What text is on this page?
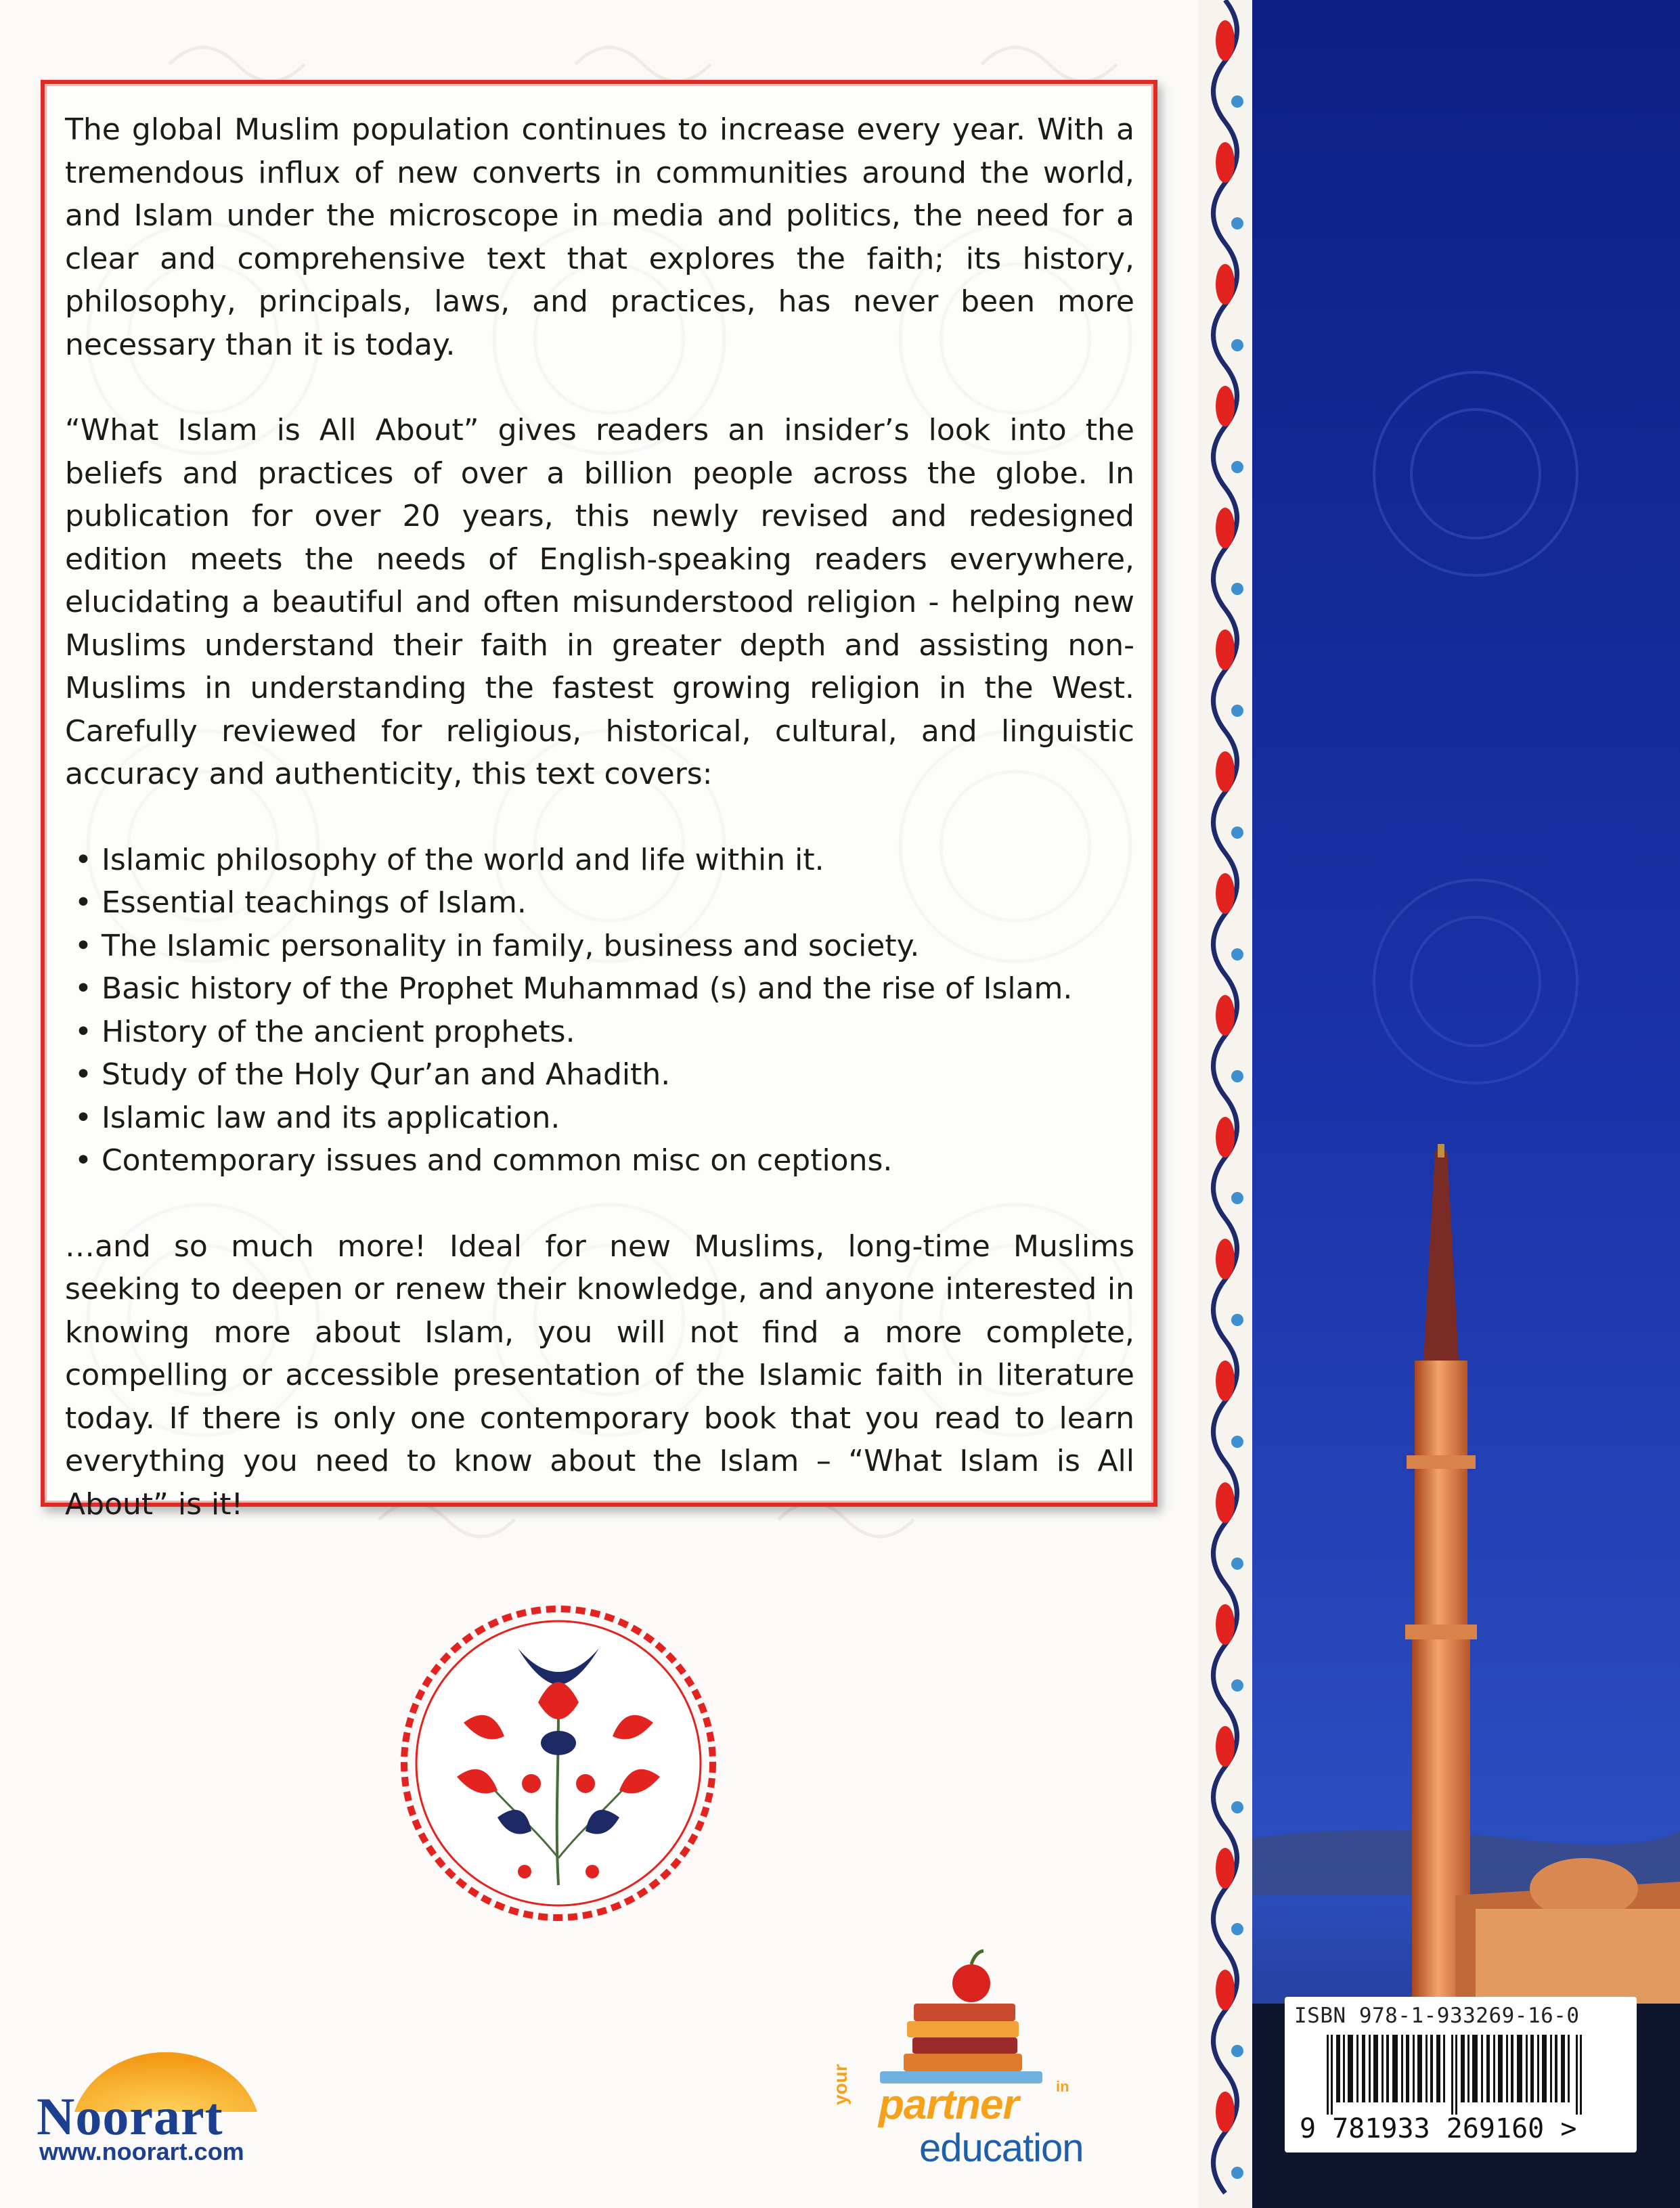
The global Muslim population continues to increase every year. With a tremendous influx of new converts in communities around the world, and Islam under the microscope in media and politics, the need for a clear and comprehensive text that explores the faith; its history, philosophy, principals, laws, and practices, has never been more necessary than it is today.

“What Islam is All About” gives readers an insider’s look into the beliefs and practices of over a billion people across the globe. In publication for over 20 years, this newly revised and redesigned edition meets the needs of English-speaking readers everywhere, elucidating a beautiful and often misunderstood religion - helping new Muslims understand their faith in greater depth and assisting non-Muslims in understanding the fastest growing religion in the West. Carefully reviewed for religious, historical, cultural, and linguistic accuracy and authenticity, this text covers:

• Islamic philosophy of the world and life within it.
• Essential teachings of Islam.
• The Islamic personality in family, business and society.
• Basic history of the Prophet Muhammad (s) and the rise of Islam.
• History of the ancient prophets.
• Study of the Holy Qur’an and Ahadith.
• Islamic law and its application.
• Contemporary issues and common misc on ceptions.

…and so much more! Ideal for new Muslims, long-time Muslims seeking to deepen or renew their knowledge, and anyone interested in knowing more about Islam, you will not find a more complete, compelling or accessible presentation of the Islamic faith in literature today. If there is only one contemporary book that you read to learn everything you need to know about the Islam – “What Islam is All About” is it!

Noorart
www.noorart.com
your partner	in
education
ISBN 978-1-933269-16-0
9 781933 269160 >
